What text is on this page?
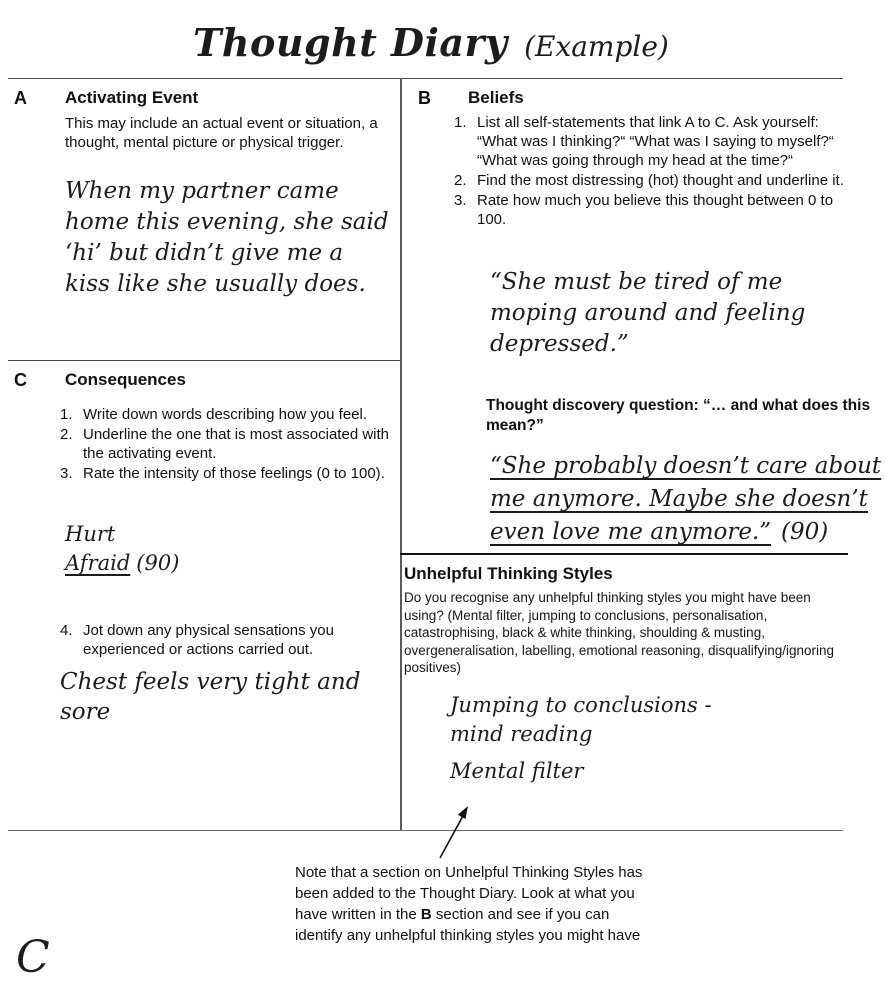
Thought Diary (Example)
A Activating Event
This may include an actual event or situation, a thought, mental picture or physical trigger.
When my partner came home this evening, she said ‘hi’ but didn’t give me a kiss like she usually does.
B Beliefs
1. List all self-statements that link A to C. Ask yourself: “What was I thinking?“ “What was I saying to myself?“ “What was going through my head at the time?“
2. Find the most distressing (hot) thought and underline it.
3. Rate how much you believe this thought between 0 to 100.
“She must be tired of me moping around and feeling depressed.”
Thought discovery question: “… and what does this mean?”
“She probably doesn’t care about me anymore. Maybe she doesn’t even love me anymore.” (90)
C Consequences
1. Write down words describing how you feel.
2. Underline the one that is most associated with the activating event.
3. Rate the intensity of those feelings (0 to 100).
Hurt
Afraid (90)
4. Jot down any physical sensations you experienced or actions carried out.
Chest feels very tight and sore
Unhelpful Thinking Styles
Do you recognise any unhelpful thinking styles you might have been using? (Mental filter, jumping to conclusions, personalisation, catastrophising, black & white thinking, shoulding & musting, overgeneralisation, labelling, emotional reasoning, disqualifying/ignoring positives)
Jumping to conclusions - mind reading
Mental filter
Note that a section on Unhelpful Thinking Styles has been added to the Thought Diary. Look at what you have written in the B section and see if you can identify any unhelpful thinking styles you might have
C
